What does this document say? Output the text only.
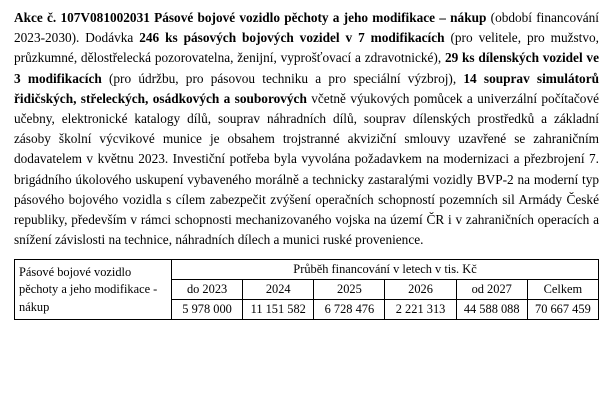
Akce č. 107V081002031 Pásové bojové vozidlo pěchoty a jeho modifikace – nákup (období financování 2023-2030). Dodávka 246 ks pásových bojových vozidel v 7 modifikacích (pro velitele, pro mužstvo, průzkumné, dělostřelecká pozorovatelna, ženijní, vyprošťovací a zdravotnické), 29 ks dílenských vozidel ve 3 modifikacích (pro údržbu, pro pásovou techniku a pro speciální výzbroj), 14 souprav simulátorů řidičských, střeleckých, osádkových a souborových včetně výukových pomůcek a univerzální počítačové učebny, elektronické katalogy dílů, souprav náhradních dílů, souprav dílenských prostředků a základní zásoby školní výcvikové munice je obsahem trojstranné akviziční smlouvy uzavřené se zahraničním dodavatelem v květnu 2023. Investiční potřeba byla vyvolána požadavkem na modernizaci a přezbrojení 7. brigádního úkolového uskupení vybaveného morálně a technicky zastaralými vozidly BVP-2 na moderní typ pásového bojového vozidla s cílem zabezpečit zvýšení operačních schopností pozemních sil Armády České republiky, především v rámci schopnosti mechanizovaného vojska na území ČR i v zahraničních operacích a snížení závislosti na technice, náhradních dílech a munici ruské provenience.

Pásové bojové vozidlo pěchoty a jeho modifikace - nákup	Průběh financování v letech v tis. Kč					
	do 2023	2024	2025	2026	od 2027	Celkem
	5 978 000	11 151 582	6 728 476	2 221 313	44 588 088	70 667 459
